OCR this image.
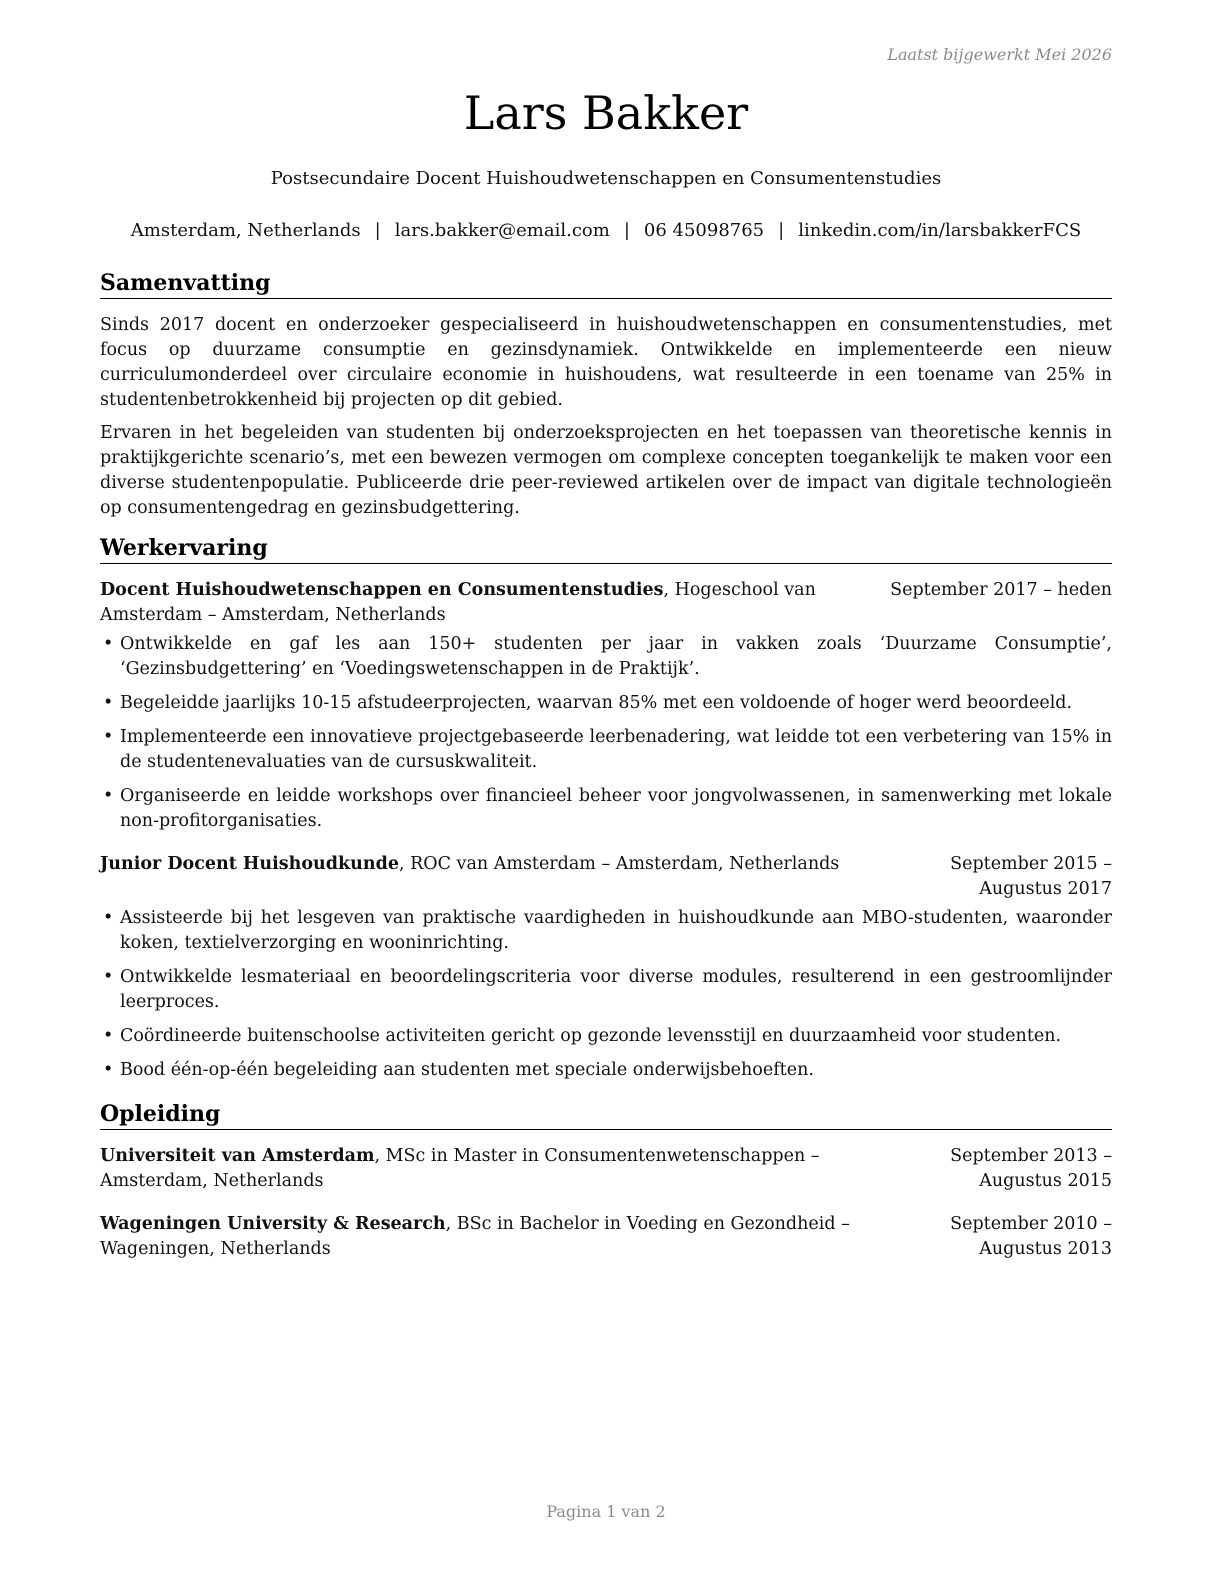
Laatst bijgewerkt Mei 2026
Lars Bakker
Postsecundaire Docent Huishoudwetenschappen en Consumentenstudies
Amsterdam, Netherlands | lars.bakker@email.com | 06 45098765 | linkedin.com/in/larsbakkerFCS
Samenvatting

Sinds 2017 docent en onderzoeker gespecialiseerd in huishoudwetenschappen en consumentenstudies, met focus op duurzame consumptie en gezinsdynamiek. Ontwikkelde en implementeerde een nieuw curriculumonderdeel over circulaire economie in huishoudens, wat resulteerde in een toename van 25% in studentenbetrokkenheid bij projecten op dit gebied.

Ervaren in het begeleiden van studenten bij onderzoeksprojecten en het toepassen van theoretische kennis in praktijkgerichte scenario’s, met een bewezen vermogen om complexe concepten toegankelijk te maken voor een diverse studentenpopulatie. Publiceerde drie peer-reviewed artikelen over de impact van digitale technologieën op consumentengedrag en gezinsbudgettering.

Werkervaring
Docent Huishoudwetenschappen en Consumentenstudies, Hogeschool van Amsterdam – Amsterdam, Netherlands
September 2017 – heden
• Ontwikkelde en gaf les aan 150+ studenten per jaar in vakken zoals ‘Duurzame Consumptie’, ‘Gezinsbudgettering’ en ‘Voedingswetenschappen in de Praktijk’.
• Begeleidde jaarlijks 10-15 afstudeerprojecten, waarvan 85% met een voldoende of hoger werd beoordeeld.
• Implementeerde een innovatieve projectgebaseerde leerbenadering, wat leidde tot een verbetering van 15% in de studentenevaluaties van de cursuskwaliteit.
• Organiseerde en leidde workshops over financieel beheer voor jongvolwassenen, in samenwerking met lokale non-profitorganisaties.
Junior Docent Huishoudkunde, ROC van Amsterdam – Amsterdam, Netherlands	September 2015 – Augustus 2017
• Assisteerde bij het lesgeven van praktische vaardigheden in huishoudkunde aan MBO-studenten, waaronder koken, textielverzorging en wooninrichting.
• Ontwikkelde lesmateriaal en beoordelingscriteria voor diverse modules, resulterend in een gestroomlijnder leerproces.
• Coördineerde buitenschoolse activiteiten gericht op gezonde levensstijl en duurzaamheid voor studenten.
• Bood één-op-één begeleiding aan studenten met speciale onderwijsbehoeften.
Opleiding
Universiteit van Amsterdam, MSc in Master in Consumentenwetenschappen – Amsterdam, Netherlands
September 2013 – Augustus 2015
Wageningen University & Research, BSc in Bachelor in Voeding en Gezondheid – Wageningen, Netherlands
September 2010 – Augustus 2013
Pagina 1 van 2
